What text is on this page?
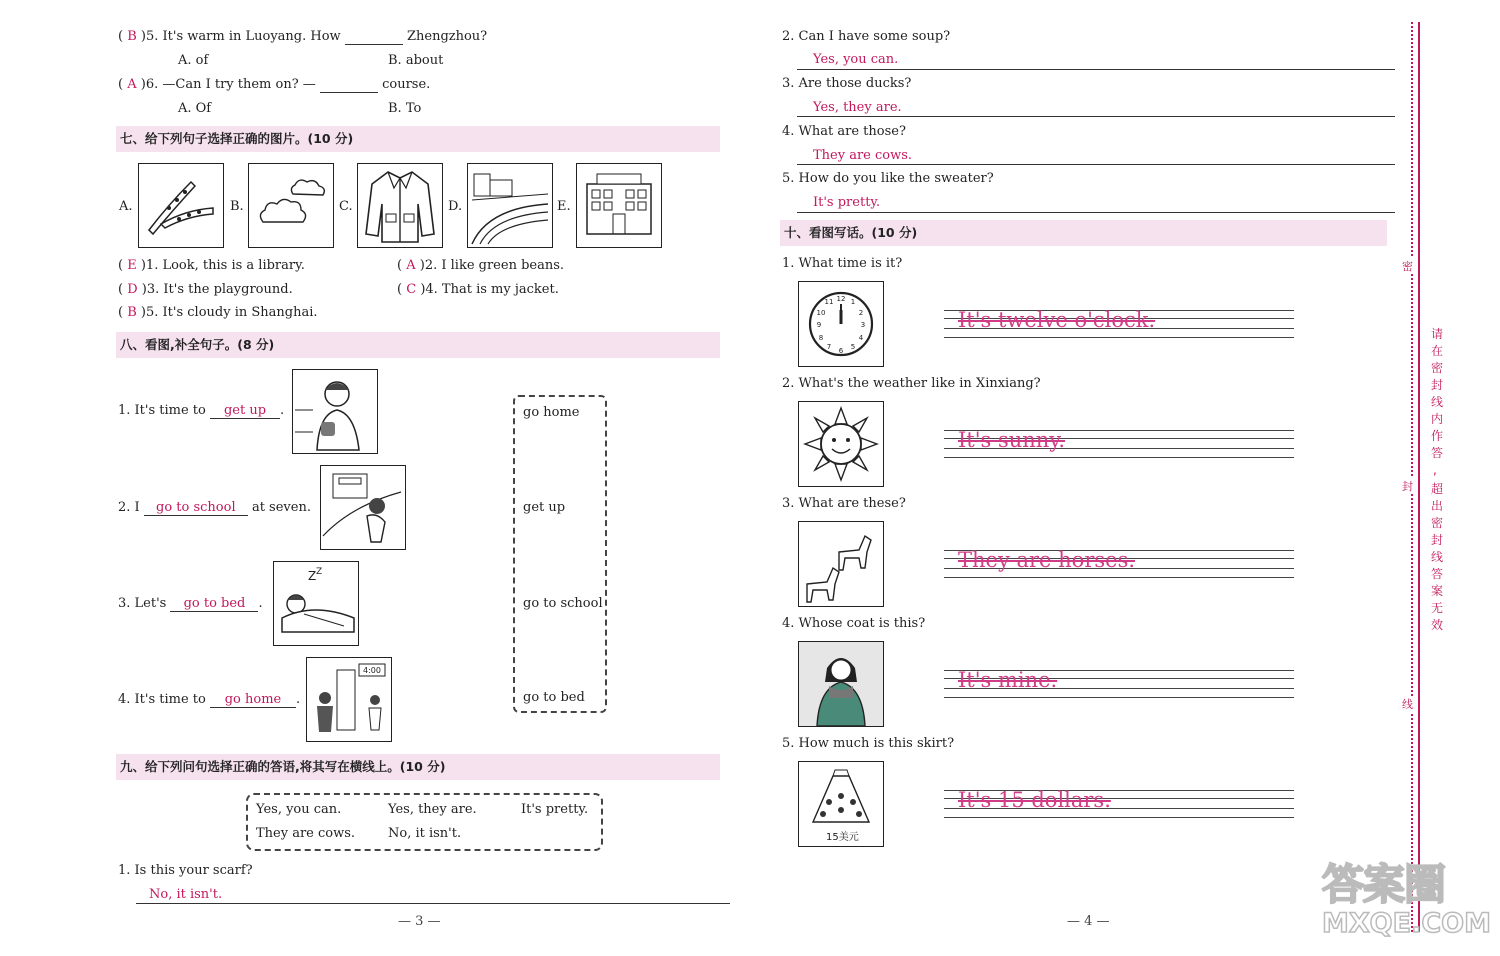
( B )5. It's warm in Luoyang. How	Zhengzhou?
A. of	B. about
( A )6. —Can I try them on? —	course.
A. Of	B. To
七、给下列句子选择正确的图片。(10 分)
A.	B.	C.	D.	E.
( E )1. Look, this is a library.	( A )2. I like green beans.
( D )3. It's the playground.	( C )4. That is my jacket.
( B )5. It's cloudy in Shanghai.
八、看图,补全句子。(8 分)
1. It's time to get up .
2. I go to school at seven.
3. Let's go to bed .
Z Z
4. It's time to go home .
4:00
go home
get up
go to school
go to bed
九、给下列问句选择正确的答语,将其写在横线上。(10 分)
Yes, you can.	Yes, they are.	It's pretty.
They are cows.	No, it isn't.
1. Is this your scarf?
No, it isn't.
— 3 —
2. Can I have some soup?
Yes, you can.
3. Are those ducks?
Yes, they are.
4. What are those?
They are cows.
5. How do you like the sweater?
It's pretty.
十、看图写话。(10 分)
1. What time is it?
12
3
6
9
1
2
4
5
7
8
10
11
It's twelve o'clock.
2. What's the weather like in Xinxiang?
It's sunny.
3. What are these?
They are horses.
4. Whose coat is this?
It's mine.
5. How much is this skirt?
15美元
It's 15 dollars.
— 4 —
密
封
线
请在密封线内作答
,
超出密封线答案无效
答案圈
MXQE.COM
